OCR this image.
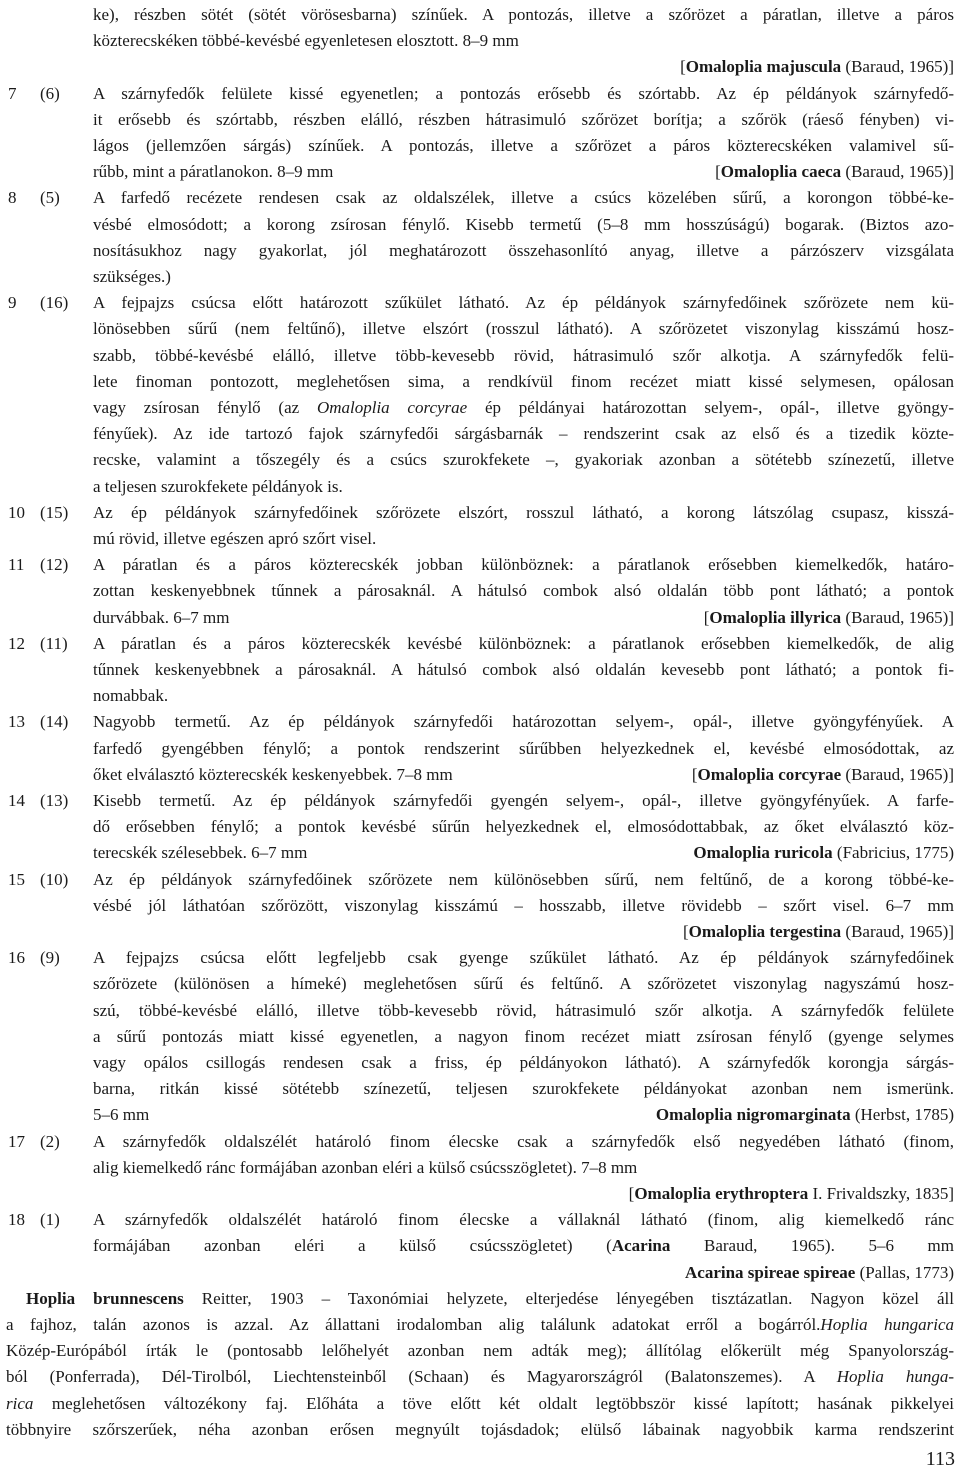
ke), részben sötét (sötét vörösesbarna) színűek. A pontozás, illetve a szőrözet a páratlan, illetve a páros
közterecskéken többé-kevésbé egyenletesen elosztott. 8–9 mm
[Omaloplia majuscula (Baraud, 1965)]
7	(6) A szárnyfedők felülete kissé egyenetlen; a pontozás erősebb és szórtabb. Az ép példányok szárnyfedő-
it erősebb és szórtabb, részben elálló, részben hátrasimuló szőrözet borítja; a szőrök (ráeső fényben) vi-
lágos (jellemzően sárgás) színűek. A pontozás, illetve a szőrözet a páros közterecskéken valamivel sű-
rűbb, mint a páratlanokon. 8–9 mm	[Omaloplia caeca (Baraud, 1965)]
8	(5) A farfedő recézete rendesen csak az oldalszélek, illetve a csúcs közelében sűrű, a korongon többé-ke-
vésbé elmosódott; a korong zsírosan fénylő. Kisebb termetű (5–8 mm hosszúságú) bogarak. (Biztos azo-
nosításukhoz nagy gyakorlat, jól meghatározott összehasonlító anyag, illetve a párzószerv vizsgálata
szükséges.)
9	(16) A fejpajzs csúcsa előtt határozott szűkület látható. Az ép példányok szárnyfedőinek szőrözete nem kü-
lönösebben sűrű (nem feltűnő), illetve elszórt (rosszul látható). A szőrözetet viszonylag kisszámú hosz-
szabb, többé-kevésbé elálló, illetve több-kevesebb rövid, hátrasimuló szőr alkotja. A szárnyfedők felü-
lete finoman pontozott, meglehetősen sima, a rendkívül finom recézet miatt kissé selymesen, opálosan
vagy zsírosan fénylő (az Omaloplia corcyrae ép példányai határozottan selyem-, opál-, illetve gyöngy-
fényűek). Az ide tartozó fajok szárnyfedői sárgásbarnák – rendszerint csak az első és a tizedik közte-
recske, valamint a tőszegély és a csúcs szurokfekete –, gyakoriak azonban a sötétebb színezetű, illetve
a teljesen szurokfekete példányok is.
10 (15) Az ép példányok szárnyfedőinek szőrözete elszórt, rosszul látható, a korong látszólag csupasz, kisszá-
mú rövid, illetve egészen apró szőrt visel.
11 (12) A páratlan és a páros közterecskék jobban különböznek: a páratlanok erősebben kiemelkedők, határo-
zottan keskenyebbnek tűnnek a párosaknál. A hátulsó combok alsó oldalán több pont látható; a pontok
durvábbak. 6–7 mm	[Omaloplia illyrica (Baraud, 1965)]
12 (11) A páratlan és a páros közterecskék kevésbé különböznek: a páratlanok erősebben kiemelkedők, de alig
tűnnek keskenyebbnek a párosaknál. A hátulsó combok alsó oldalán kevesebb pont látható; a pontok fi-
nomabbak.
13 (14) Nagyobb termetű. Az ép példányok szárnyfedői határozottan selyem-, opál-, illetve gyöngyfényűek. A
farfedő gyengébben fénylő; a pontok rendszerint sűrűbben helyezkednek el, kevésbé elmosódottak, az
őket elválasztó közterecskék keskenyebbek. 7–8 mm	[Omaloplia corcyrae (Baraud, 1965)]
14 (13) Kisebb termetű. Az ép példányok szárnyfedői gyengén selyem-, opál-, illetve gyöngyfényűek. A farfe-
dő erősebben fénylő; a pontok kevésbé sűrűn helyezkednek el, elmosódottabbak, az őket elválasztó köz-
terecskék szélesebbek. 6–7 mm	Omaloplia ruricola (Fabricius, 1775)
15 (10) Az ép példányok szárnyfedőinek szőrözete nem különösebben sűrű, nem feltűnő, de a korong többé-ke-
vésbé jól láthatóan szőrözött, viszonylag kisszámú – hosszabb, illetve rövidebb – szőrt visel. 6–7 mm
[Omaloplia tergestina (Baraud, 1965)]
16 (9) A fejpajzs csúcsa előtt legfeljebb csak gyenge szűkület látható. Az ép példányok szárnyfedőinek
szőrözete (különösen a hímeké) meglehetősen sűrű és feltűnő. A szőrözetet viszonylag nagyszámú hosz-
szú, többé-kevésbé elálló, illetve több-kevesebb rövid, hátrasimuló szőr alkotja. A szárnyfedők felülete
a sűrű pontozás miatt kissé egyenetlen, a nagyon finom recézet miatt zsírosan fénylő (gyenge selymes
vagy opálos csillogás rendesen csak a friss, ép példányokon látható). A szárnyfedők korongja sárgás-
barna, ritkán kissé sötétebb színezetű, teljesen szurokfekete példányokat azonban nem ismerünk.
5–6 mm	Omaloplia nigromarginata (Herbst, 1785)
17 (2) A szárnyfedők oldalszélét határoló finom élecske csak a szárnyfedők első negyedében látható (finom,
alig kiemelkedő ránc formájában azonban eléri a külső csúcsszögletet). 7–8 mm
[Omaloplia erythroptera I. Frivaldszky, 1835]
18 (1) A szárnyfedők oldalszélét határoló finom élecske a vállaknál látható (finom, alig kiemelkedő ránc
formájában azonban eléri a külső csúcsszögletet) (Acarina Baraud, 1965). 5–6 mm
Acarina spireae spireae (Pallas, 1773)
Hoplia brunnescens Reitter, 1903 – Taxonómiai helyzete, elterjedése lényegében tisztázatlan. Nagyon közel áll
a fajhoz, talán azonos is azzal. Az állattani irodalomban alig találunk adatokat erről a bogárról.Hoplia hungarica
Közép-Európából írták le (pontosabb lelőhelyét azonban nem adták meg); állítólag előkerült még Spanyolország-
ból (Ponferrada), Dél-Tirolból, Liechtensteinből (Schaan) és Magyarországról (Balatonszemes). A Hoplia hunga-
rica meglehetősen változékony faj. Előháta a töve előtt két oldalt legtöbbször kissé lapított; hasának pikkelyei
többnyire szőrszerűek, néha azonban erősen megnyúlt tojásdadok; elülső lábainak nagyobbik karma rendszerint
113
